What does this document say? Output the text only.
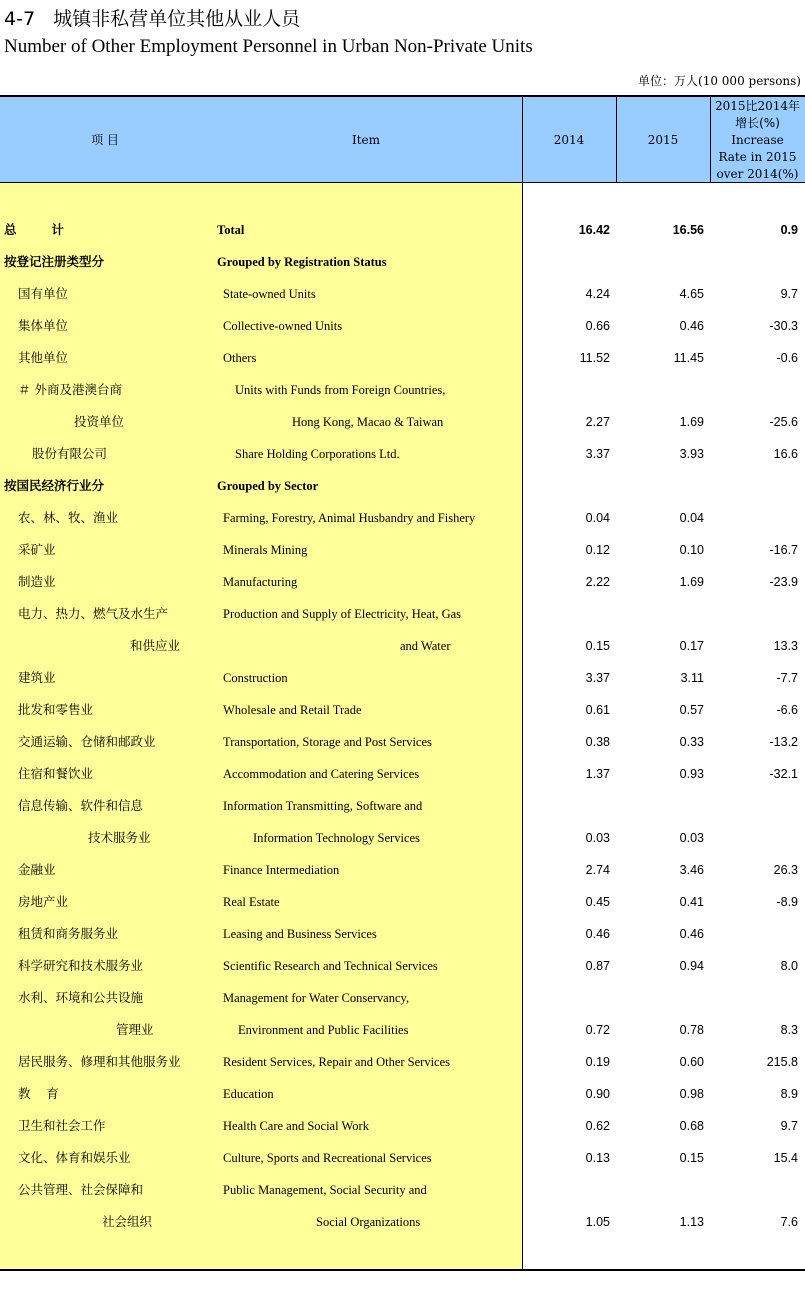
4-7   城镇非私营单位其他从业人员
Number of Other Employment Personnel in Urban Non-Private Units
单位：万人(10 000 persons)
项 目	Item	2014	2015
2015比2014年
增长(%)
Increase
Rate in 2015
over 2014(%)
总        计	Total	16.42	16.56	0.9
按登记注册类型分	Grouped by Registration Status
国有单位	State-owned Units	4.24	4.65	9.7
集体单位	Collective-owned Units	0.66	0.46	-30.3
其他单位	Others	11.52	11.45	-0.6
＃ 外商及港澳台商	Units with Funds from Foreign Countries,
投资单位	Hong Kong, Macao & Taiwan	2.27	1.69	-25.6
股份有限公司	Share Holding Corporations Ltd.	3.37	3.93	16.6
按国民经济行业分	Grouped by Sector
农、林、牧、渔业	Farming, Forestry, Animal Husbandry and Fishery	0.04	0.04
采矿业	Minerals Mining	0.12	0.10	-16.7
制造业	Manufacturing	2.22	1.69	-23.9
电力、热力、燃气及水生产	Production and Supply of Electricity, Heat, Gas
和供应业	and Water	0.15	0.17	13.3
建筑业	Construction	3.37	3.11	-7.7
批发和零售业	Wholesale and Retail Trade	0.61	0.57	-6.6
交通运输、仓储和邮政业	Transportation, Storage and Post Services	0.38	0.33	-13.2
住宿和餐饮业	Accommodation and Catering Services	1.37	0.93	-32.1
信息传输、软件和信息	Information Transmitting, Software and
技术服务业	Information Technology Services	0.03	0.03
金融业	Finance Intermediation	2.74	3.46	26.3
房地产业	Real Estate	0.45	0.41	-8.9
租赁和商务服务业	Leasing and Business Services	0.46	0.46
科学研究和技术服务业	Scientific Research and Technical Services	0.87	0.94	8.0
水利、环境和公共设施	Management for Water Conservancy,
管理业	Environment and Public Facilities	0.72	0.78	8.3
居民服务、修理和其他服务业	Resident Services, Repair and Other Services	0.19	0.60	215.8
教    育	Education	0.90	0.98	8.9
卫生和社会工作	Health Care and Social Work	0.62	0.68	9.7
文化、体育和娱乐业	Culture, Sports and Recreational Services	0.13	0.15	15.4
公共管理、社会保障和	Public Management, Social Security and
社会组织	Social Organizations	1.05	1.13	7.6
